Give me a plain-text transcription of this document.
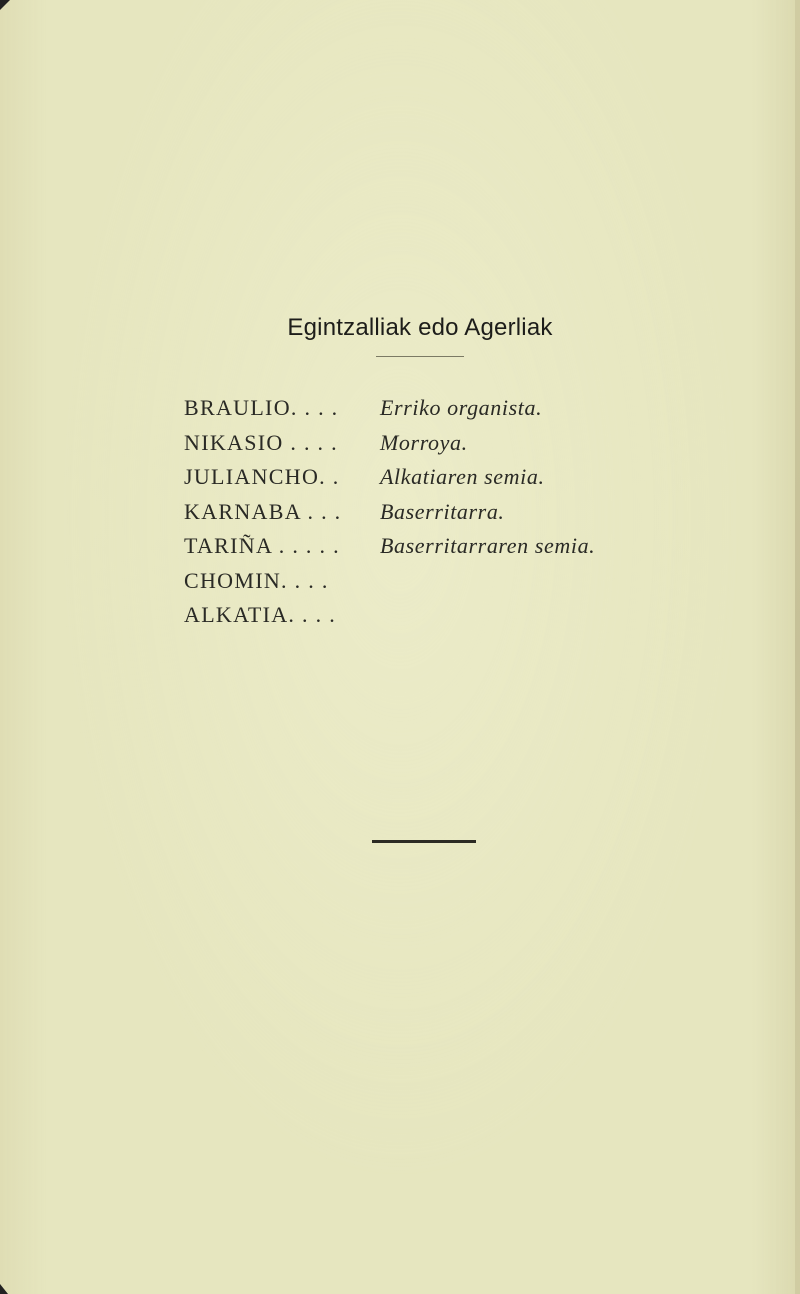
Egintzalliak edo Agerliak
BRAULIO. . . .	Erriko organista.
NIKASIO . . . .	Morroya.
JULIANCHO. .	Alkatiaren semia.
KARNABA . . .	Baserritarra.
TARIÑA . . . . .	Baserritarraren semia.
CHOMIN. . . .
ALKATIA. . . .
